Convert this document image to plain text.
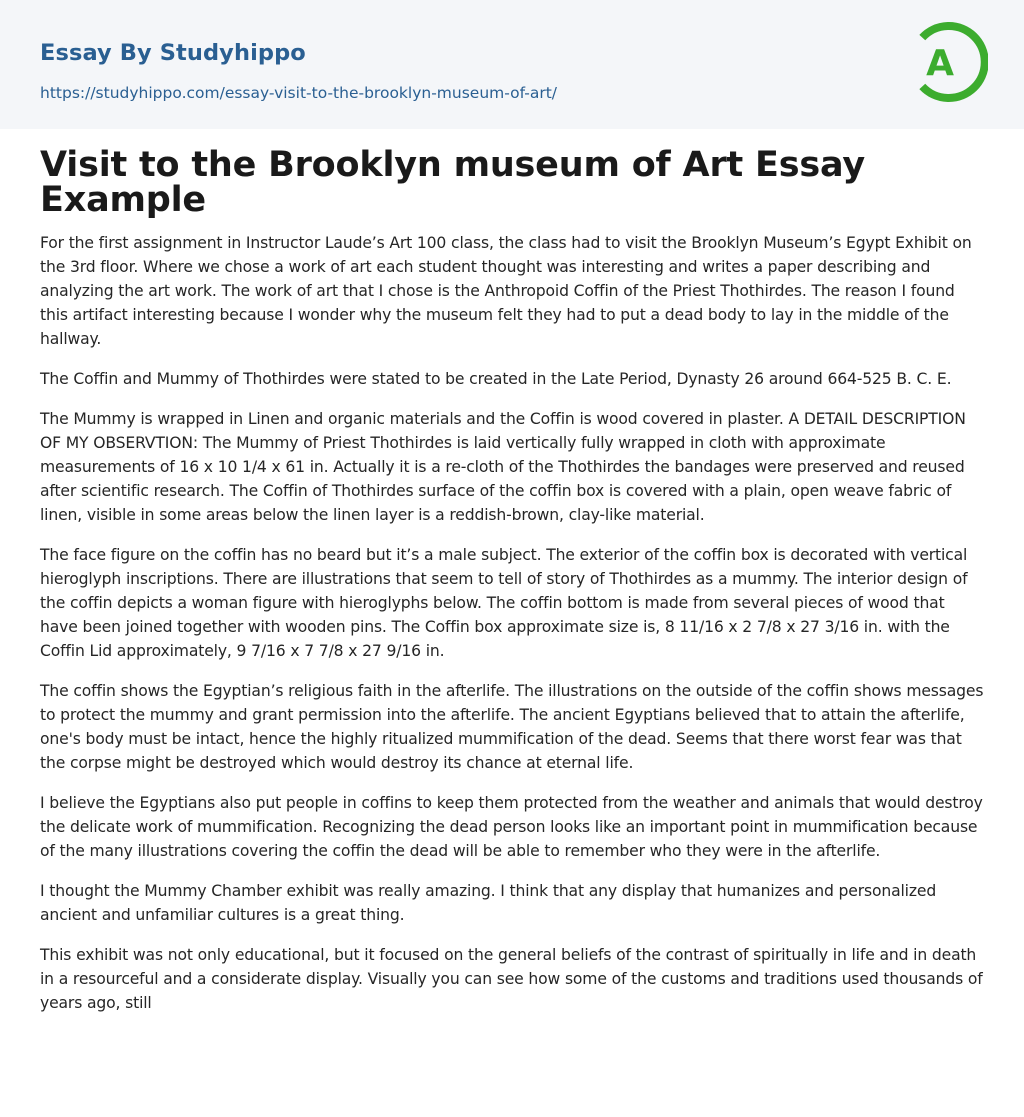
Essay By Studyhippo
https://studyhippo.com/essay-visit-to-the-brooklyn-museum-of-art/
A
Visit to the Brooklyn museum of Art Essay Example

For the first assignment in Instructor Laude’s Art 100 class, the class had to visit the Brooklyn Museum’s Egypt Exhibit on the 3rd floor. Where we chose a work of art each student thought was interesting and writes a paper describing and analyzing the art work. The work of art that I chose is the Anthropoid Coffin of the Priest Thothirdes. The reason I found this artifact interesting because I wonder why the museum felt they had to put a dead body to lay in the middle of the hallway.

The Coffin and Mummy of Thothirdes were stated to be created in the Late Period, Dynasty 26 around 664-525 B. C. E.

The Mummy is wrapped in Linen and organic materials and the Coffin is wood covered in plaster. A DETAIL DESCRIPTION OF MY OBSERVTION: The Mummy of Priest Thothirdes is laid vertically fully wrapped in cloth with approximate measurements of 16 x 10 1/4 x 61 in. Actually it is a re-cloth of the Thothirdes the bandages were preserved and reused after scientific research. The Coffin of Thothirdes surface of the coffin box is covered with a plain, open weave fabric of linen, visible in some areas below the linen layer is a reddish-brown, clay-like material.

The face figure on the coffin has no beard but it’s a male subject. The exterior of the coffin box is decorated with vertical hieroglyph inscriptions. There are illustrations that seem to tell of story of Thothirdes as a mummy. The interior design of the coffin depicts a woman figure with hieroglyphs below. The coffin bottom is made from several pieces of wood that have been joined together with wooden pins. The Coffin box approximate size is, 8 11/16 x 2 7/8 x 27 3/16 in. with the Coffin Lid approximately, 9 7/16 x 7 7/8 x 27 9/16 in.

The coffin shows the Egyptian’s religious faith in the afterlife. The illustrations on the outside of the coffin shows messages to protect the mummy and grant permission into the afterlife. The ancient Egyptians believed that to attain the afterlife, one's body must be intact, hence the highly ritualized mummification of the dead. Seems that there worst fear was that the corpse might be destroyed which would destroy its chance at eternal life.

I believe the Egyptians also put people in coffins to keep them protected from the weather and animals that would destroy the delicate work of mummification. Recognizing the dead person looks like an important point in mummification because of the many illustrations covering the coffin the dead will be able to remember who they were in the afterlife.

I thought the Mummy Chamber exhibit was really amazing. I think that any display that humanizes and personalized ancient and unfamiliar cultures is a great thing.

This exhibit was not only educational, but it focused on the general beliefs of the contrast of spiritually in life and in death in a resourceful and a considerate display. Visually you can see how some of the customs and traditions used thousands of years ago, still
